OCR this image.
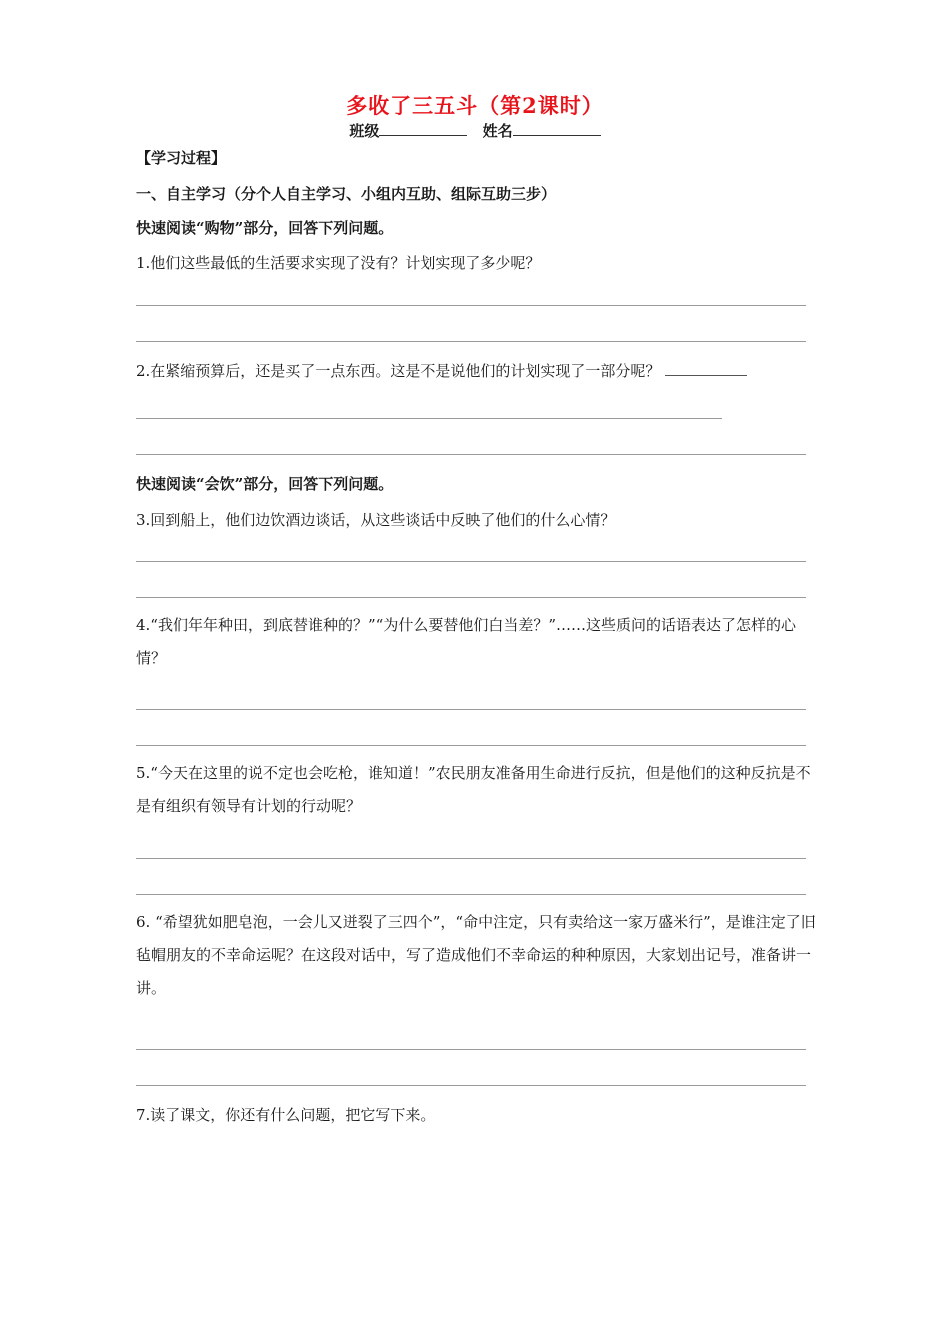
多收了三五斗（第2课时）
班级	姓名
【学习过程】
一、自主学习（分个人自主学习、小组内互助、组际互助三步）
快速阅读“购物”部分，回答下列问题。
1.他们这些最低的生活要求实现了没有？计划实现了多少呢？
2.在紧缩预算后，还是买了一点东西。这是不是说他们的计划实现了一部分呢？
快速阅读“会饮”部分，回答下列问题。
3.回到船上，他们边饮酒边谈话，从这些谈话中反映了他们的什么心情？
4.“我们年年种田，到底替谁种的？”“为什么要替他们白当差？”……这些质问的话语表达了怎样的心情？
5.“今天在这里的说不定也会吃枪，谁知道！”农民朋友准备用生命进行反抗，但是他们的这种反抗是不是有组织有领导有计划的行动呢？
6. “希望犹如肥皂泡，一会儿又迸裂了三四个”，“命中注定，只有卖给这一家万盛米行”，是谁注定了旧毡帽朋友的不幸命运呢？在这段对话中，写了造成他们不幸命运的种种原因，大家划出记号，准备讲一讲。
7.读了课文，你还有什么问题，把它写下来。
